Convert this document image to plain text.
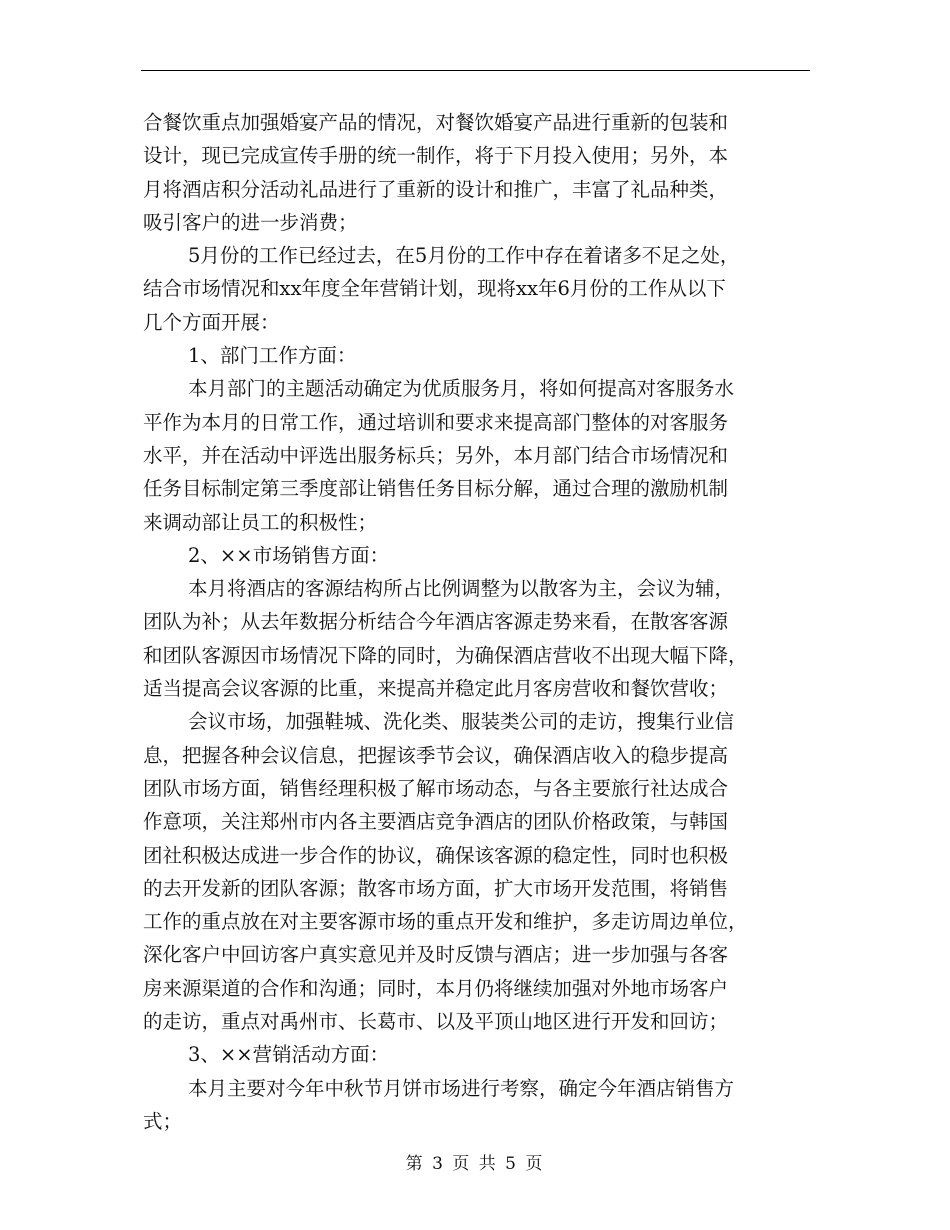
合餐饮重点加强婚宴产品的情况，对餐饮婚宴产品进行重新的包装和
设计，现已完成宣传手册的统一制作，将于下月投入使用；另外，本
月将酒店积分活动礼品进行了重新的设计和推广，丰富了礼品种类，
吸引客户的进一步消费；
5月份的工作已经过去，在5月份的工作中存在着诸多不足之处，
结合市场情况和xx年度全年营销计划，现将xx年6月份的工作从以下
几个方面开展：
1、部门工作方面：
本月部门的主题活动确定为优质服务月，将如何提高对客服务水
平作为本月的日常工作，通过培训和要求来提高部门整体的对客服务
水平，并在活动中评选出服务标兵；另外，本月部门结合市场情况和
任务目标制定第三季度部让销售任务目标分解，通过合理的激励机制
来调动部让员工的积极性；
2、××市场销售方面：
本月将酒店的客源结构所占比例调整为以散客为主，会议为辅，
团队为补；从去年数据分析结合今年酒店客源走势来看，在散客客源
和团队客源因市场情况下降的同时，为确保酒店营收不出现大幅下降，
适当提高会议客源的比重，来提高并稳定此月客房营收和餐饮营收；
会议市场，加强鞋城、洗化类、服装类公司的走访，搜集行业信
息，把握各种会议信息，把握该季节会议，确保酒店收入的稳步提高
团队市场方面，销售经理积极了解市场动态，与各主要旅行社达成合
作意项，关注郑州市内各主要酒店竞争酒店的团队价格政策，与韩国
团社积极达成进一步合作的协议，确保该客源的稳定性，同时也积极
的去开发新的团队客源；散客市场方面，扩大市场开发范围，将销售
工作的重点放在对主要客源市场的重点开发和维护，多走访周边单位，
深化客户中回访客户真实意见并及时反馈与酒店；进一步加强与各客
房来源渠道的合作和沟通；同时，本月仍将继续加强对外地市场客户
的走访，重点对禹州市、长葛市、以及平顶山地区进行开发和回访；
3、××营销活动方面：
本月主要对今年中秋节月饼市场进行考察，确定今年酒店销售方
式；
第 3 页 共 5 页
